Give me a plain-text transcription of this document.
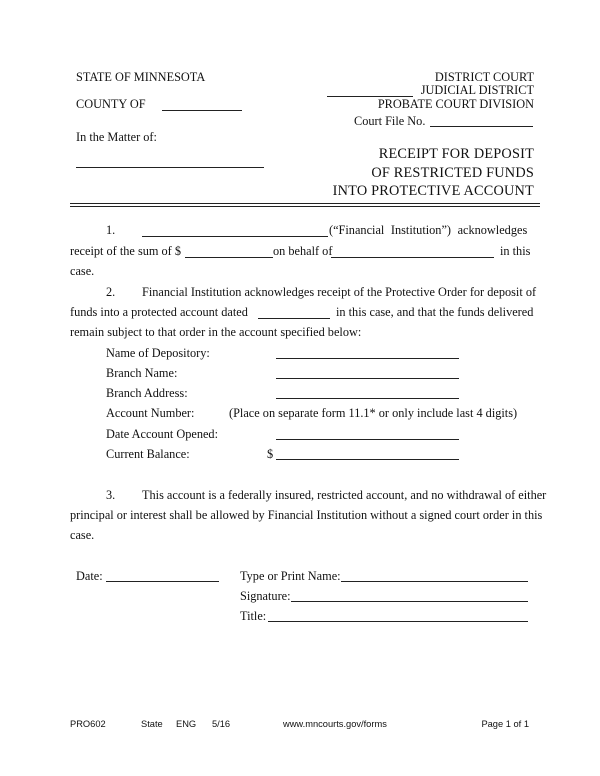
STATE OF MINNESOTA
COUNTY OF
In the Matter of:
DISTRICT COURT
JUDICIAL DISTRICT
PROBATE COURT DIVISION
Court File No.
RECEIPT FOR DEPOSIT
OF RESTRICTED FUNDS
INTO PROTECTIVE ACCOUNT
1.	(“Financial Institution”) acknowledges
receipt of the sum of $	on behalf of	in this
case.
2. Financial Institution acknowledges receipt of the Protective Order for deposit of
funds into a protected account dated	in this case, and that the funds delivered
remain subject to that order in the account specified below:
Name of Depository:
Branch Name:
Branch Address:
Account Number:	(Place on separate form 11.1* or only include last 4 digits)
Date Account Opened:
Current Balance:	$
3. This account is a federally insured, restricted account, and no withdrawal of either
principal or interest shall be allowed by Financial Institution without a signed court order in this
case.
Date:	Type or Print Name:
Signature:
Title:
PRO602	State ENG 5/16	www.mncourts.gov/forms	Page 1 of 1
